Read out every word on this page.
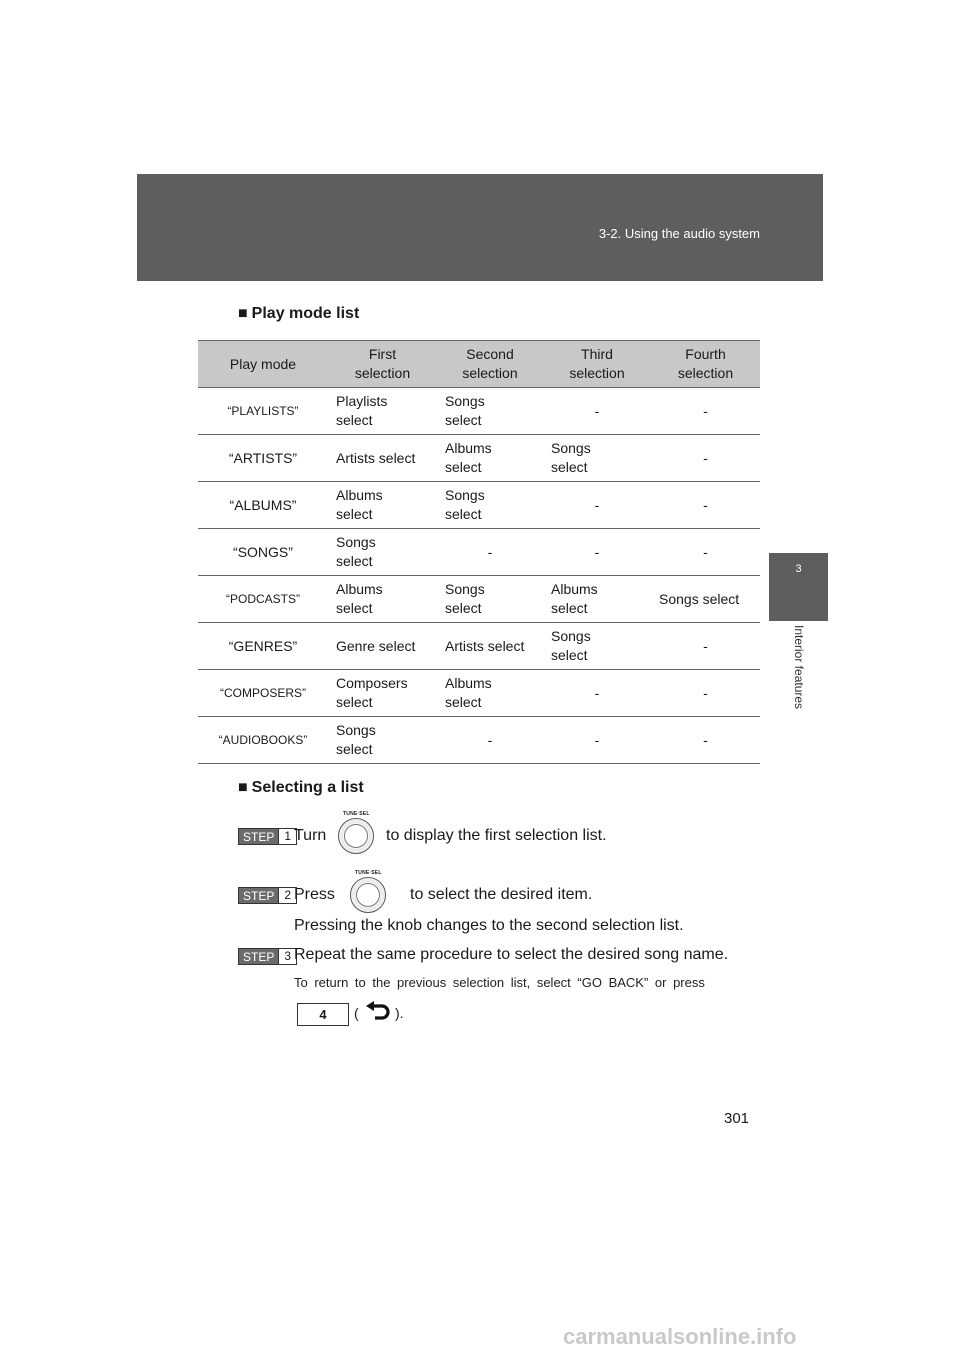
3-2. Using the audio system
3
Interior features
■ Play mode list
Play mode	First selection	Second selection	Third selection	Fourth selection
“PLAYLISTS”	Playlists select	Songs select	-	-
“ARTISTS”	Artists select	Albums select	Songs select	-
“ALBUMS”	Albums select	Songs select	-	-
“SONGS”	Songs select	-	-	-
“PODCASTS”	Albums select	Songs select	Albums select	Songs select
“GENRES”	Genre select	Artists select	Songs select	-
“COMPOSERS”	Composers select	Albums select	-	-
“AUDIOBOOKS”	Songs select	-	-	-
■ Selecting a list
STEP 1 Turn
TUNE·SEL
to display the first selection list.
STEP 2 Press
TUNE·SEL
to select the desired item.
Pressing the knob changes to the second selection list.
STEP 3 Repeat the same procedure to select the desired song name.
To return to the previous selection list, select “GO BACK” or press
4	(	).
301
carmanualsonline.info
